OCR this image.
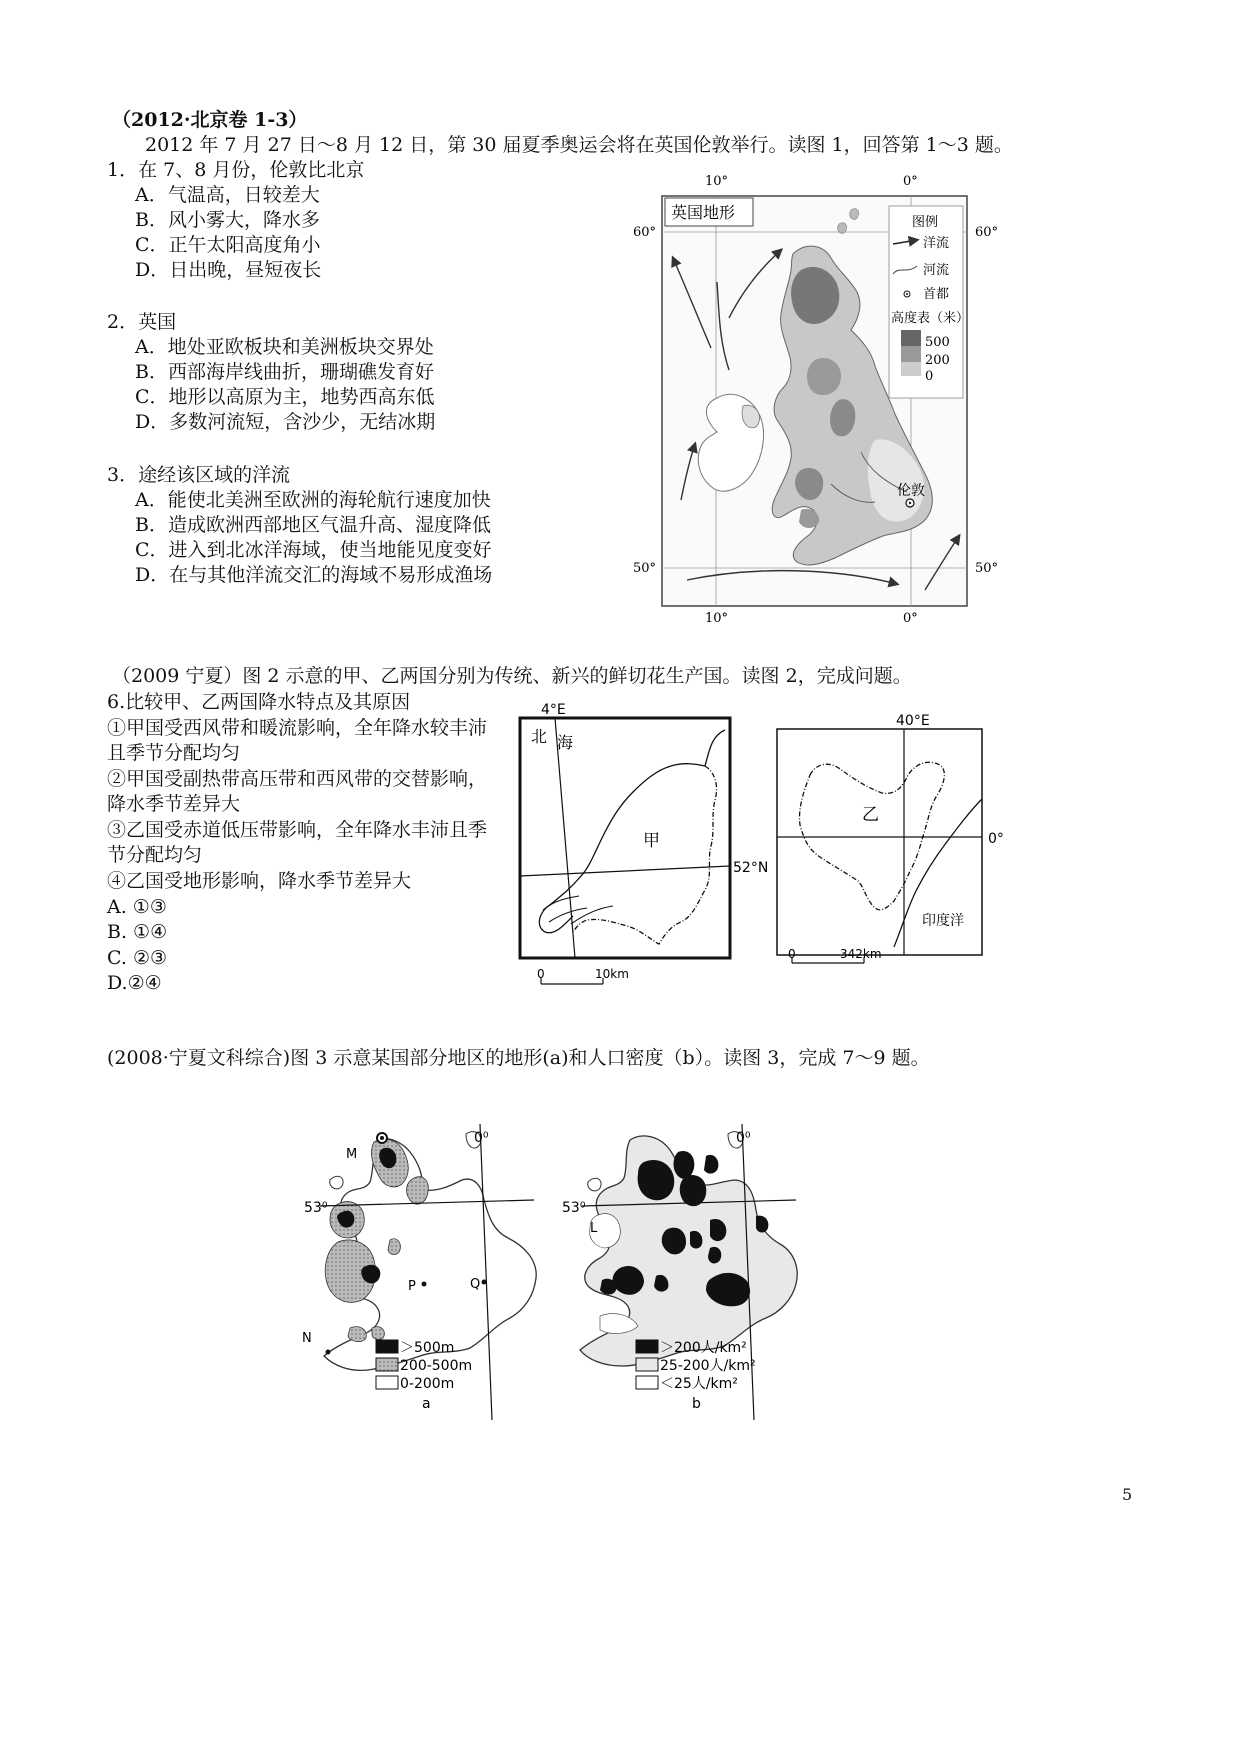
（2012·北京卷 1-3）
2012 年 7 月 27 日～8 月 12 日，第 30 届夏季奥运会将在英国伦敦举行。读图 1，回答第 1～3 题。
1．在 7、8 月份，伦敦比北京
A．气温高，日较差大
B．风小雾大，降水多
C．正午太阳高度角小
D．日出晚，昼短夜长
2．英国
A．地处亚欧板块和美洲板块交界处
B．西部海岸线曲折，珊瑚礁发育好
C．地形以高原为主，地势西高东低
D．多数河流短，含沙少，无结冰期
3．途经该区域的洋流
A．能使北美洲至欧洲的海轮航行速度加快
B．造成欧洲西部地区气温升高、湿度降低
C．进入到北冰洋海域，使当地能见度变好
D．在与其他洋流交汇的海域不易形成渔场
10°	0°
10°	0°
60°
50°
60°
50°
英国地形
伦敦
图例
洋流
河流
首都
高度表（米）
500
200
0
（2009 宁夏）图 2 示意的甲、乙两国分别为传统、新兴的鲜切花生产国。读图 2，完成问题。
6.比较甲、乙两国降水特点及其原因
①甲国受西风带和暖流影响，全年降水较丰沛
且季节分配均匀
②甲国受副热带高压带和西风带的交替影响，
降水季节差异大
③乙国受赤道低压带影响，全年降水丰沛且季
节分配均匀
④乙国受地形影响，降水季节差异大
A. ①③
B. ①④
C. ②③
D.②④
4°E
52°N
北 海
甲
0	10km
40°E
0°
乙
印度洋
0	342km
(2008·宁夏文科综合)图 3 示意某国部分地区的地形(a)和人口密度（b）。读图 3，完成 7～9 题。
0⁰
53⁰
M
P	Q
N
＞500m
200-500m
0-200m
a
0⁰
53⁰
L
＞200人/km²
25-200人/km²
＜25人/km²
b
5
